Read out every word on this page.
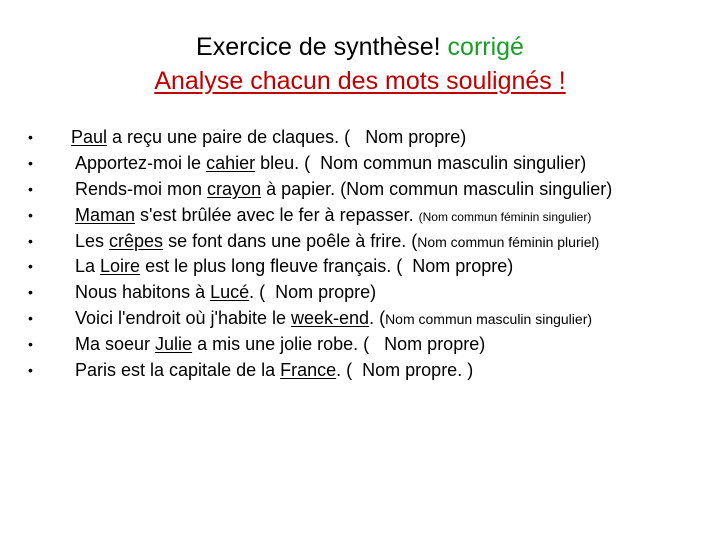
Exercice de synthèse! corrigé
Analyse chacun des mots soulignés !
•	Paul a reçu une paire de claques. (   Nom propre)
•	Apportez-moi le cahier bleu. (  Nom commun masculin singulier)
•	Rends-moi mon crayon à papier. (Nom commun masculin singulier)
•	Maman s'est brûlée avec le fer à repasser. (Nom commun féminin singulier)
•	Les crêpes se font dans une poêle à frire. (Nom commun féminin pluriel)
•	La Loire est le plus long fleuve français. (  Nom propre)
•	Nous habitons à Lucé. (  Nom propre)
•	Voici l'endroit où j'habite le week-end. (Nom commun masculin singulier)
•	Ma soeur Julie a mis une jolie robe. (   Nom propre)
•	Paris est la capitale de la France. (  Nom propre. )
